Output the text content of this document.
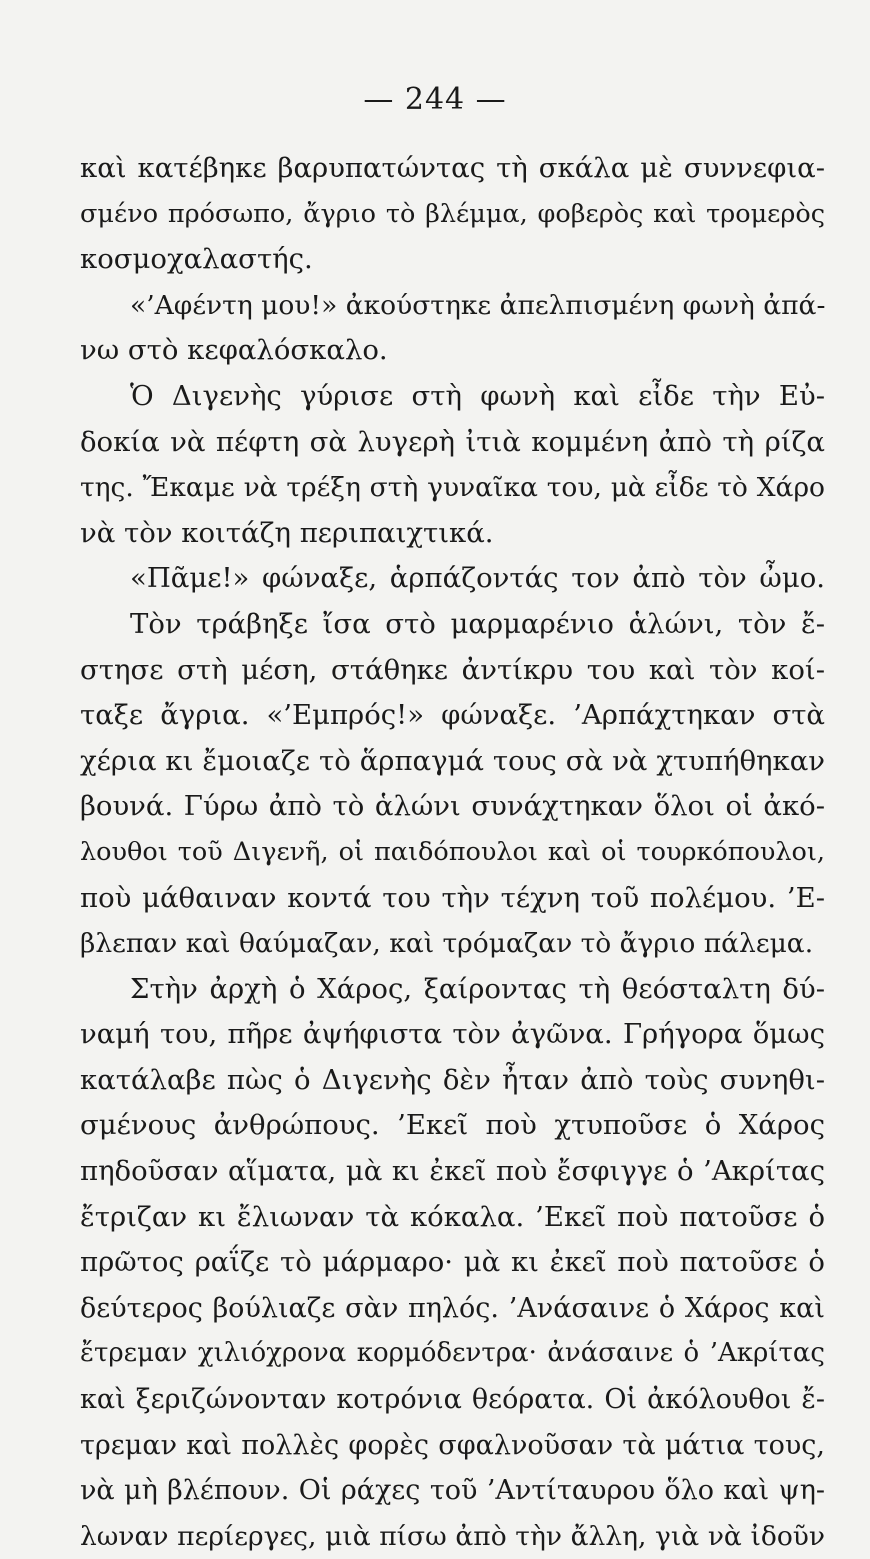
— 244 —
καὶ κατέβηκε βαρυπατώντας τὴ σκάλα μὲ συννεφια-
σμένο πρόσωπο, ἄγριο τὸ βλέμμα, φοβερὸς καὶ τρομερὸς
κοσμοχαλαστής.
«’Αφέντη μου!» ἀκούστηκε ἀπελπισμένη φωνὴ ἀπά-
νω στὸ κεφαλόσκαλο.
Ὁ Διγενὴς γύρισε στὴ φωνὴ καὶ εἶδε τὴν Εὐ-
δοκία νὰ πέφτη σὰ λυγερὴ ἰτιὰ κομμένη ἀπὸ τὴ ρίζα
της. Ἔκαμε νὰ τρέξη στὴ γυναῖκα του, μὰ εἶδε τὸ Χάρο
νὰ τὸν κοιτάζη περιπαιχτικά.
«Πᾶμε!» φώναξε, ἁρπάζοντάς τον ἀπὸ τὸν ὦμο.
Τὸν τράβηξε ἴσα στὸ μαρμαρένιο ἁλώνι, τὸν ἔ-
στησε στὴ μέση, στάθηκε ἀντίκρυ του καὶ τὸν κοί-
ταξε ἄγρια. «’Εμπρός!» φώναξε. ’Αρπάχτηκαν στὰ
χέρια κι ἔμοιαζε τὸ ἅρπαγμά τους σὰ νὰ χτυπήθηκαν
βουνά. Γύρω ἀπὸ τὸ ἁλώνι συνάχτηκαν ὅλοι οἱ ἀκό-
λουθοι τοῦ Διγενῆ, οἱ παιδόπουλοι καὶ οἱ τουρκόπουλοι,
ποὺ μάθαιναν κοντά του τὴν τέχνη τοῦ πολέμου. ’Ε-
βλεπαν καὶ θαύμαζαν, καὶ τρόμαζαν τὸ ἄγριο πάλεμα.
Στὴν ἀρχὴ ὁ Χάρος, ξαίροντας τὴ θεόσταλτη δύ-
ναμή του, πῆρε ἀψήφιστα τὸν ἀγῶνα. Γρήγορα ὅμως
κατάλαβε πὼς ὁ Διγενὴς δὲν ἦταν ἀπὸ τοὺς συνηθι-
σμένους ἀνθρώπους. ’Εκεῖ ποὺ χτυποῦσε ὁ Χάρος
πηδοῦσαν αἵματα, μὰ κι ἐκεῖ ποὺ ἔσφιγγε ὁ ’Ακρίτας
ἔτριζαν κι ἔλιωναν τὰ κόκαλα. ’Εκεῖ ποὺ πατοῦσε ὁ
πρῶτος ραΐζε τὸ μάρμαρο· μὰ κι ἐκεῖ ποὺ πατοῦσε ὁ
δεύτερος βούλιαζε σὰν πηλός. ’Ανάσαινε ὁ Χάρος καὶ
ἔτρεμαν χιλιόχρονα κορμόδεντρα· ἀνάσαινε ὁ ’Ακρίτας
καὶ ξεριζώνονταν κοτρόνια θεόρατα. Οἱ ἀκόλουθοι ἔ-
τρεμαν καὶ πολλὲς φορὲς σφαλνοῦσαν τὰ μάτια τους,
νὰ μὴ βλέπουν. Οἱ ράχες τοῦ ’Αντίταυρου ὅλο καὶ ψη-
λωναν περίεργες, μιὰ πίσω ἀπὸ τὴν ἄλλη, γιὰ νὰ ἰδοῦν
